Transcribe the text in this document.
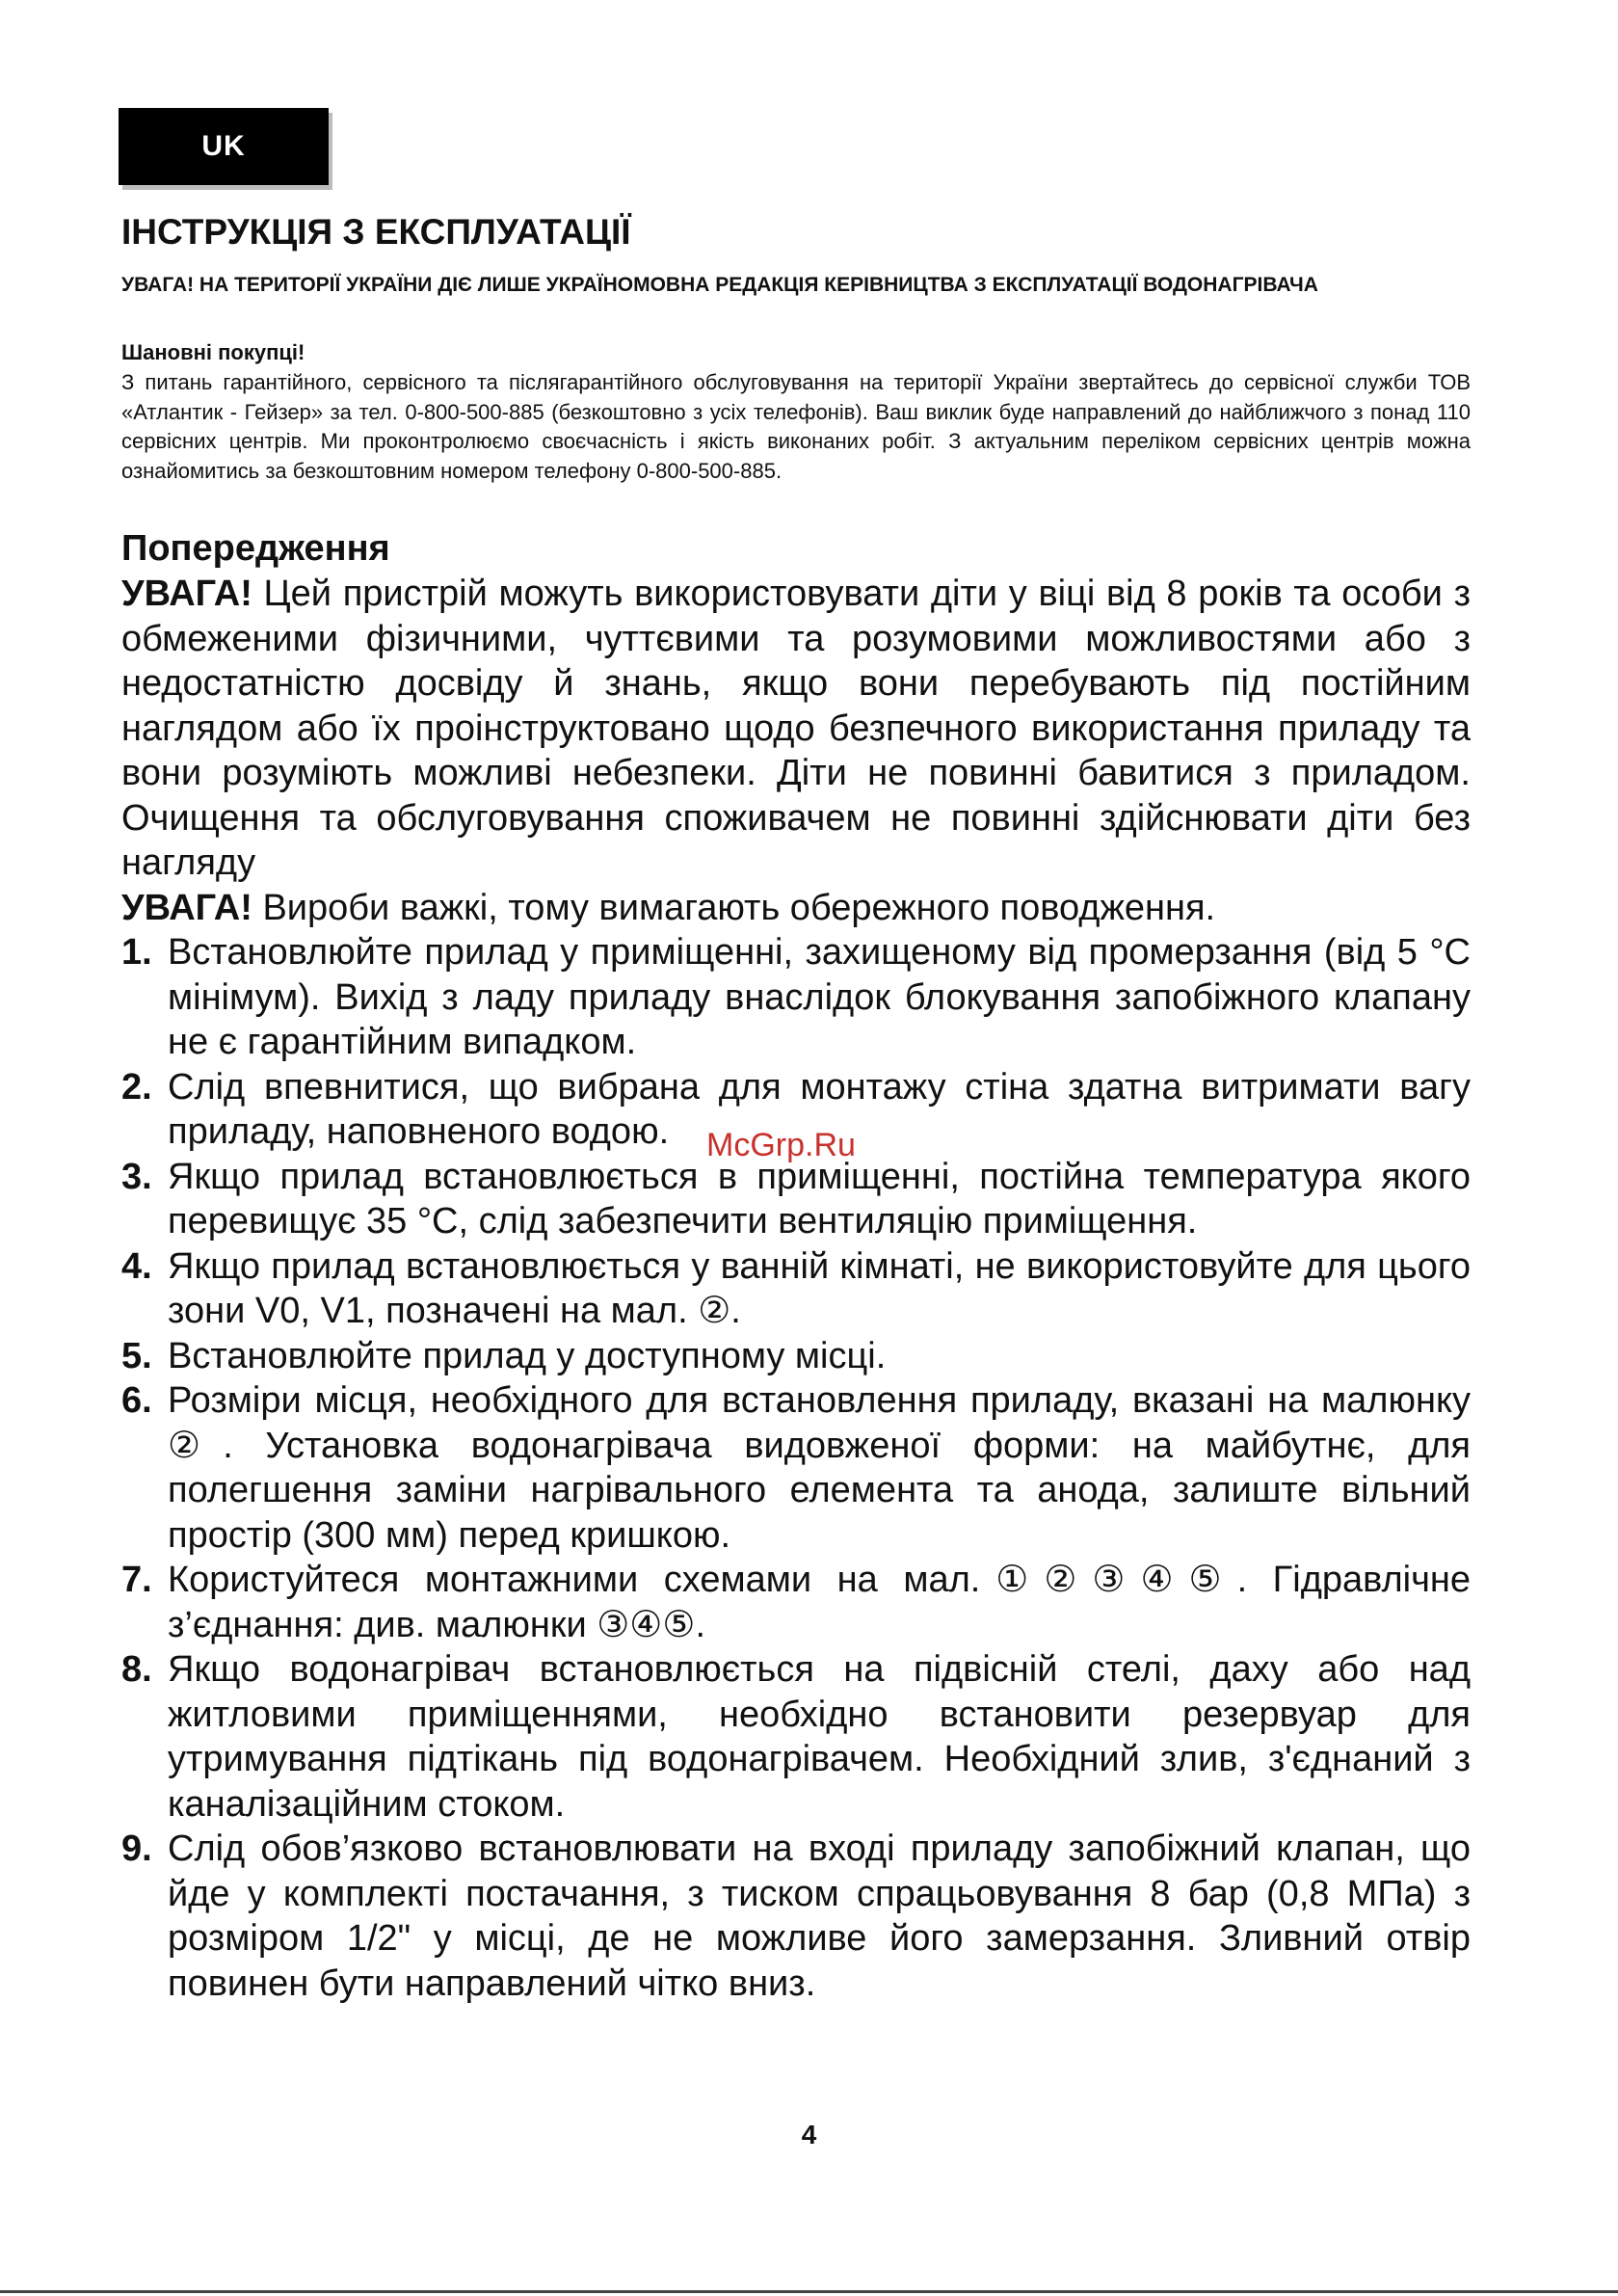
UK
ІНСТРУКЦІЯ З ЕКСПЛУАТАЦІЇ

УВАГА! НА ТЕРИТОРІЇ УКРАЇНИ ДІЄ ЛИШЕ УКРАЇНОМОВНА РЕДАКЦІЯ КЕРІВНИЦТВА З ЕКСПЛУАТАЦІЇ ВОДОНАГРІВАЧА

Шановні покупці!

З питань гарантійного, сервісного та післягарантійного обслуговування на території України звертайтесь до сервісної служби ТОВ «Атлантик - Гейзер» за тел. 0-800-500-885 (безкоштовно з усіх телефонів). Ваш виклик буде направлений до найближчого з понад 110 сервісних центрів. Ми проконтролюємо своєчасність і якість виконаних робіт. З актуальним переліком сервісних центрів можна ознайомитись за безкоштовним номером телефону 0-800-500-885.

Попередження

УВАГА! Цей пристрій можуть використовувати діти у віці від 8 років та особи з обмеженими фізичними, чуттєвими та розумовими можливостями або з недостатністю досвіду й знань, якщо вони перебувають під постійним наглядом або їх проінструктовано щодо безпечного використання приладу та вони розуміють можливі небезпеки. Діти не повинні бавитися з приладом. Очищення та обслуговування споживачем не повинні здійснювати діти без нагляду

УВАГА! Вироби важкі, тому вимагають обережного поводження.

1. Встановлюйте прилад у приміщенні, захищеному від промерзання (від 5 °С мінімум). Вихід з ладу приладу внаслідок блокування запобіжного клапану не є гарантійним випадком.
2. Слід впевнитися, що вибрана для монтажу стіна здатна витримати вагу приладу, наповненого водою.
3. Якщо прилад встановлюється в приміщенні, постійна температура якого перевищує 35 °С, слід забезпечити вентиляцію приміщення.
4. Якщо прилад встановлюється у ванній кімнаті, не використовуйте для цього зони V0, V1, позначені на мал. ②.
5. Встановлюйте прилад у доступному місці.
6. Розміри місця, необхідного для встановлення приладу, вказані на малюнку ②. Установка водонагрівача видовженої форми: на майбутнє, для полегшення заміни нагрівального елемента та анода, залиште вільний простір (300 мм) перед кришкою.
7. Користуйтеся монтажними схемами на мал.①②③④⑤. Гідравлічне з’єднання: див. малюнки ③④⑤.
8. Якщо водонагрівач встановлюється на підвісній стелі, даху або над житловими приміщеннями, необхідно встановити резервуар для утримування підтікань під водонагрівачем. Необхідний злив, з'єднаний з каналізаційним стоком.
9. Слід обов’язково встановлювати на вході приладу запобіжний клапан, що йде у комплекті постачання, з тиском спрацьовування 8 бар (0,8 МПа) з розміром 1/2" у місці, де не можливе його замерзання. Зливний отвір повинен бути направлений чітко вниз.
McGrp.Ru
4
